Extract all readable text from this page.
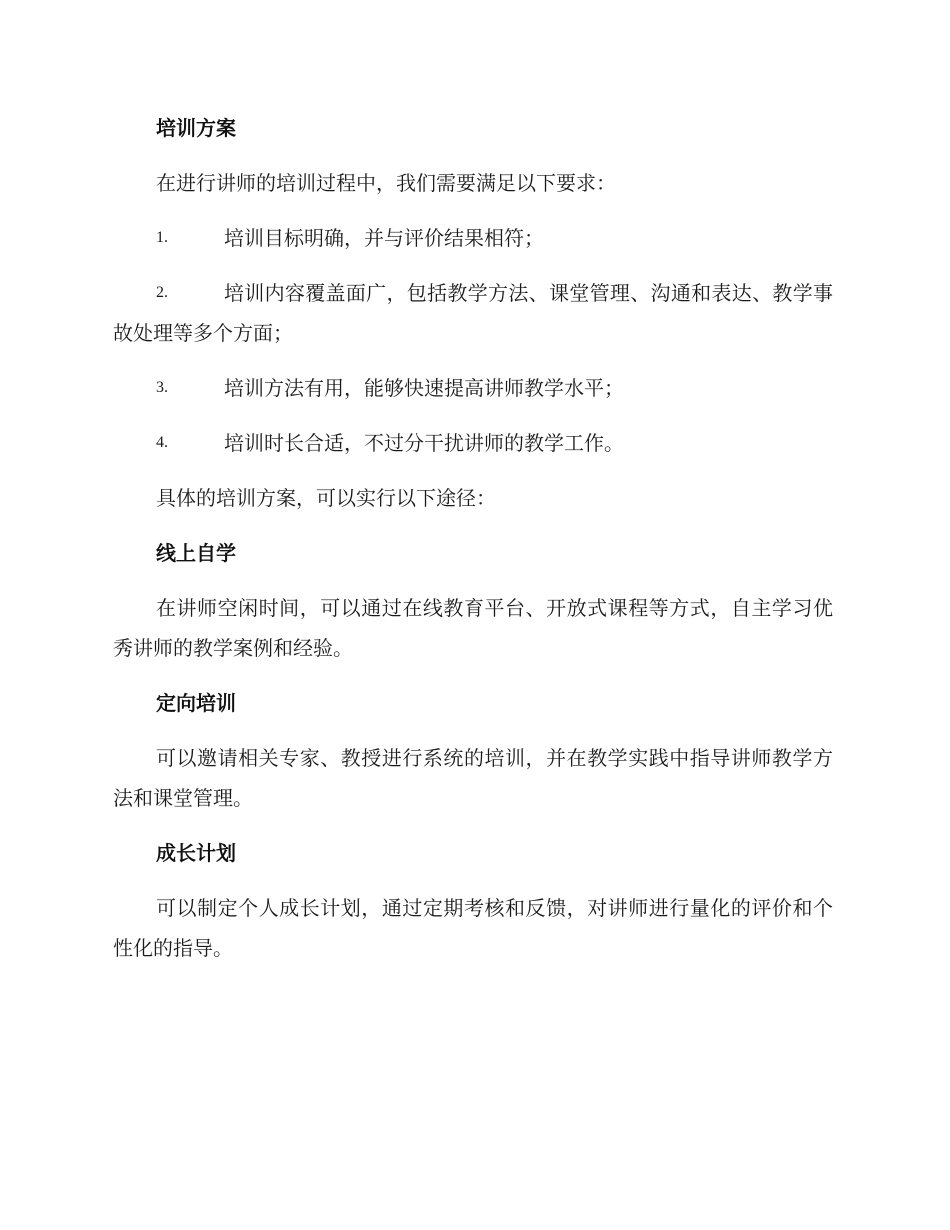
培训方案
在进行讲师的培训过程中，我们需要满足以下要求：
1.	培训目标明确，并与评价结果相符；
2.	培训内容覆盖面广，包括教学方法、课堂管理、沟通和表达、教学事故处理等多个方面；
3.	培训方法有用，能够快速提高讲师教学水平；
4.	培训时长合适，不过分干扰讲师的教学工作。
具体的培训方案，可以实行以下途径：
线上自学
在讲师空闲时间，可以通过在线教育平台、开放式课程等方式，自主学习优秀讲师的教学案例和经验。
定向培训
可以邀请相关专家、教授进行系统的培训，并在教学实践中指导讲师教学方法和课堂管理。
成长计划
可以制定个人成长计划，通过定期考核和反馈，对讲师进行量化的评价和个性化的指导。
